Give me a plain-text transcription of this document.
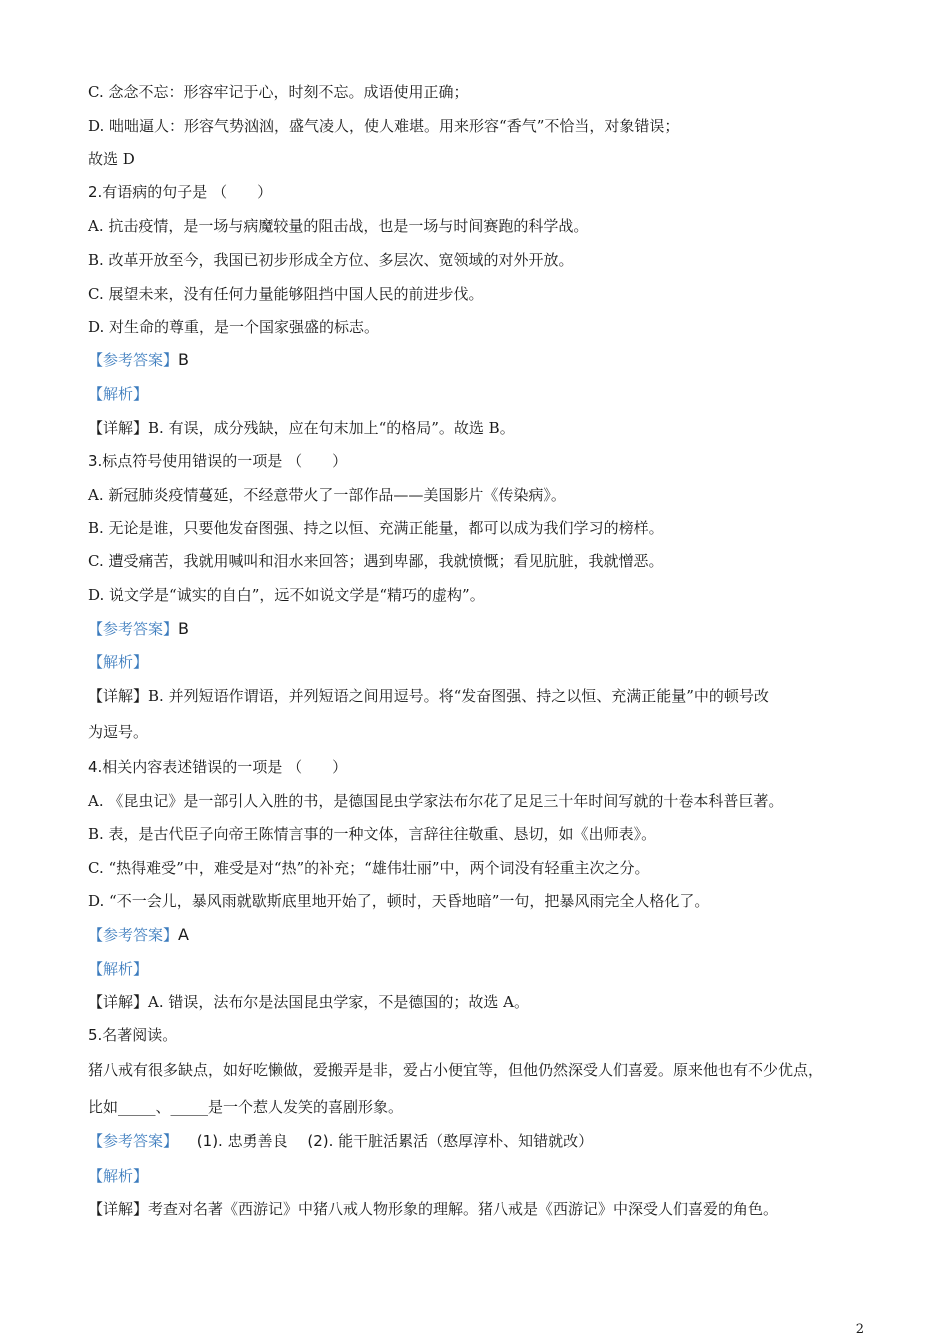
C. 念念不忘：形容牢记于心，时刻不忘。成语使用正确；
D. 咄咄逼人：形容气势汹汹，盛气凌人，使人难堪。用来形容“香气”不恰当，对象错误；
故选 D
2.有语病的句子是 （　　）
A. 抗击疫情，是一场与病魔较量的阻击战，也是一场与时间赛跑的科学战。
B. 改革开放至今，我国已初步形成全方位、多层次、宽领域的对外开放。
C. 展望未来，没有任何力量能够阻挡中国人民的前进步伐。
D. 对生命的尊重，是一个国家强盛的标志。
【参考答案】B
【解析】
【详解】B. 有误，成分残缺，应在句末加上“的格局”。故选 B。
3.标点符号使用错误的一项是 （　　）
A. 新冠肺炎疫情蔓延，不经意带火了一部作品——美国影片《传染病》。
B. 无论是谁，只要他发奋图强、持之以恒、充满正能量，都可以成为我们学习的榜样。
C. 遭受痛苦，我就用喊叫和泪水来回答；遇到卑鄙，我就愤慨；看见肮脏，我就憎恶。
D. 说文学是“诚实的自白”，远不如说文学是“精巧的虚构”。
【参考答案】B
【解析】
【详解】B. 并列短语作谓语，并列短语之间用逗号。将“发奋图强、持之以恒、充满正能量”中的顿号改
为逗号。
4.相关内容表述错误的一项是 （　　）
A. 《昆虫记》是一部引人入胜的书，是德国昆虫学家法布尔花了足足三十年时间写就的十卷本科普巨著。
B. 表，是古代臣子向帝王陈情言事的一种文体，言辞往往敬重、恳切，如《出师表》。
C. “热得难受”中，难受是对“热”的补充；“雄伟壮丽”中，两个词没有轻重主次之分。
D. “不一会儿，暴风雨就歇斯底里地开始了，顿时，天昏地暗”一句，把暴风雨完全人格化了。
【参考答案】A
【解析】
【详解】A. 错误，法布尔是法国昆虫学家，不是德国的；故选 A。
5.名著阅读。
猪八戒有很多缺点，如好吃懒做，爱搬弄是非，爱占小便宜等，但他仍然深受人们喜爱。原来他也有不少优点，
比如_____、_____是一个惹人发笑的喜剧形象。
【参考答案】 (1). 忠勇善良　 (2). 能干脏活累活（憨厚淳朴、知错就改）
【解析】
【详解】考查对名著《西游记》中猪八戒人物形象的理解。猪八戒是《西游记》中深受人们喜爱的角色。
2
